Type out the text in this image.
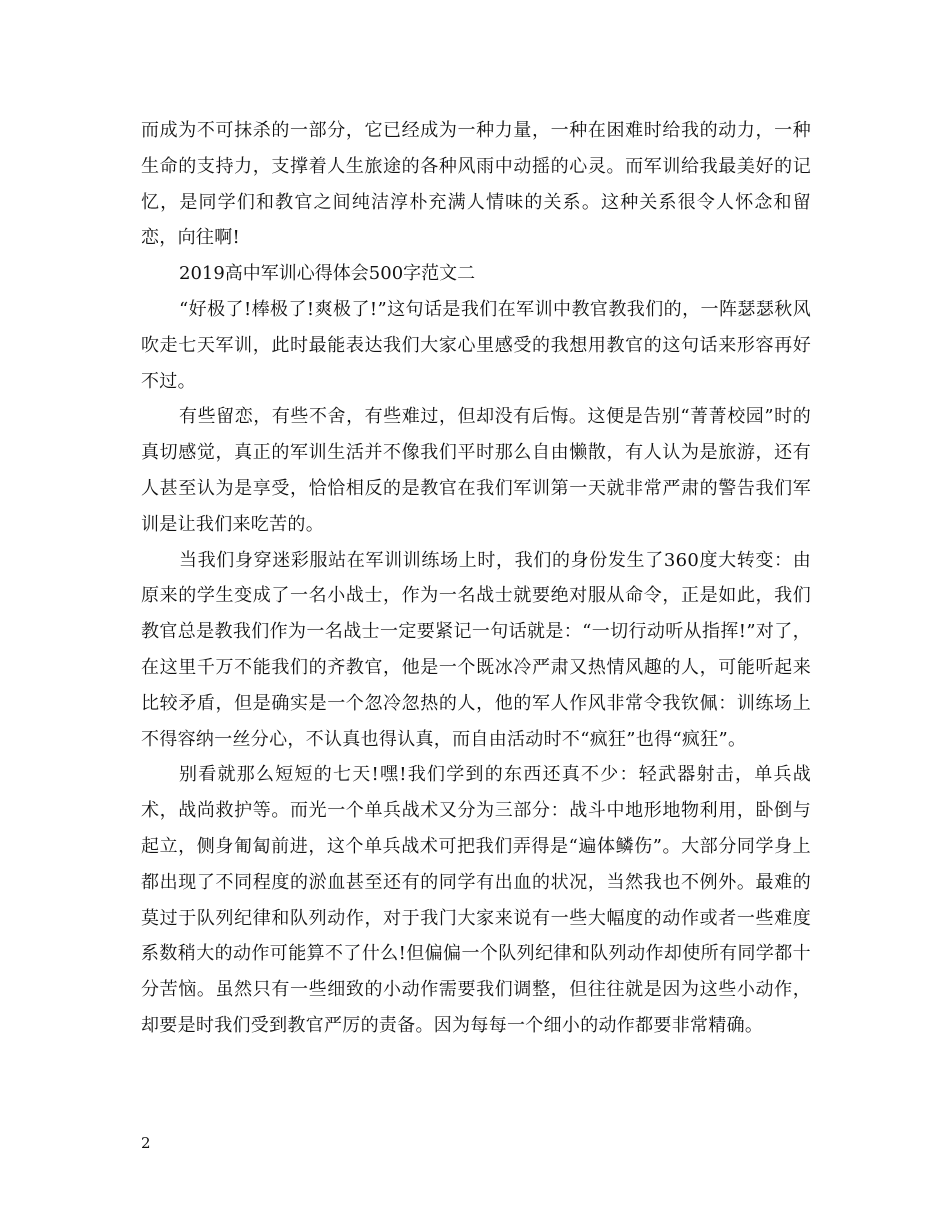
而成为不可抹杀的一部分，它已经成为一种力量，一种在困难时给我的动力，一种生命的支持力，支撑着人生旅途的各种风雨中动摇的心灵。而军训给我最美好的记忆，是同学们和教官之间纯洁淳朴充满人情味的关系。这种关系很令人怀念和留恋，向往啊!

2019高中军训心得体会500字范文二

“好极了!棒极了!爽极了!”这句话是我们在军训中教官教我们的，一阵瑟瑟秋风吹走七天军训，此时最能表达我们大家心里感受的我想用教官的这句话来形容再好不过。

有些留恋，有些不舍，有些难过，但却没有后悔。这便是告别“菁菁校园”时的真切感觉，真正的军训生活并不像我们平时那么自由懒散，有人认为是旅游，还有人甚至认为是享受，恰恰相反的是教官在我们军训第一天就非常严肃的警告我们军训是让我们来吃苦的。

当我们身穿迷彩服站在军训训练场上时，我们的身份发生了360度大转变：由原来的学生变成了一名小战士，作为一名战士就要绝对服从命令，正是如此，我们教官总是教我们作为一名战士一定要紧记一句话就是：“一切行动听从指挥!”对了，在这里千万不能我们的齐教官，他是一个既冰冷严肃又热情风趣的人，可能听起来比较矛盾，但是确实是一个忽冷忽热的人，他的军人作风非常令我钦佩：训练场上不得容纳一丝分心，不认真也得认真，而自由活动时不“疯狂”也得“疯狂”。

别看就那么短短的七天!嘿!我们学到的东西还真不少：轻武器射击，单兵战术，战尚救护等。而光一个单兵战术又分为三部分：战斗中地形地物利用，卧倒与起立，侧身匍匐前进，这个单兵战术可把我们弄得是“遍体鳞伤”。大部分同学身上都出现了不同程度的淤血甚至还有的同学有出血的状况，当然我也不例外。最难的莫过于队列纪律和队列动作，对于我门大家来说有一些大幅度的动作或者一些难度系数稍大的动作可能算不了什么!但偏偏一个队列纪律和队列动作却使所有同学都十分苦恼。虽然只有一些细致的小动作需要我们调整，但往往就是因为这些小动作，却要是时我们受到教官严厉的责备。因为每每一个细小的动作都要非常精确。

2
